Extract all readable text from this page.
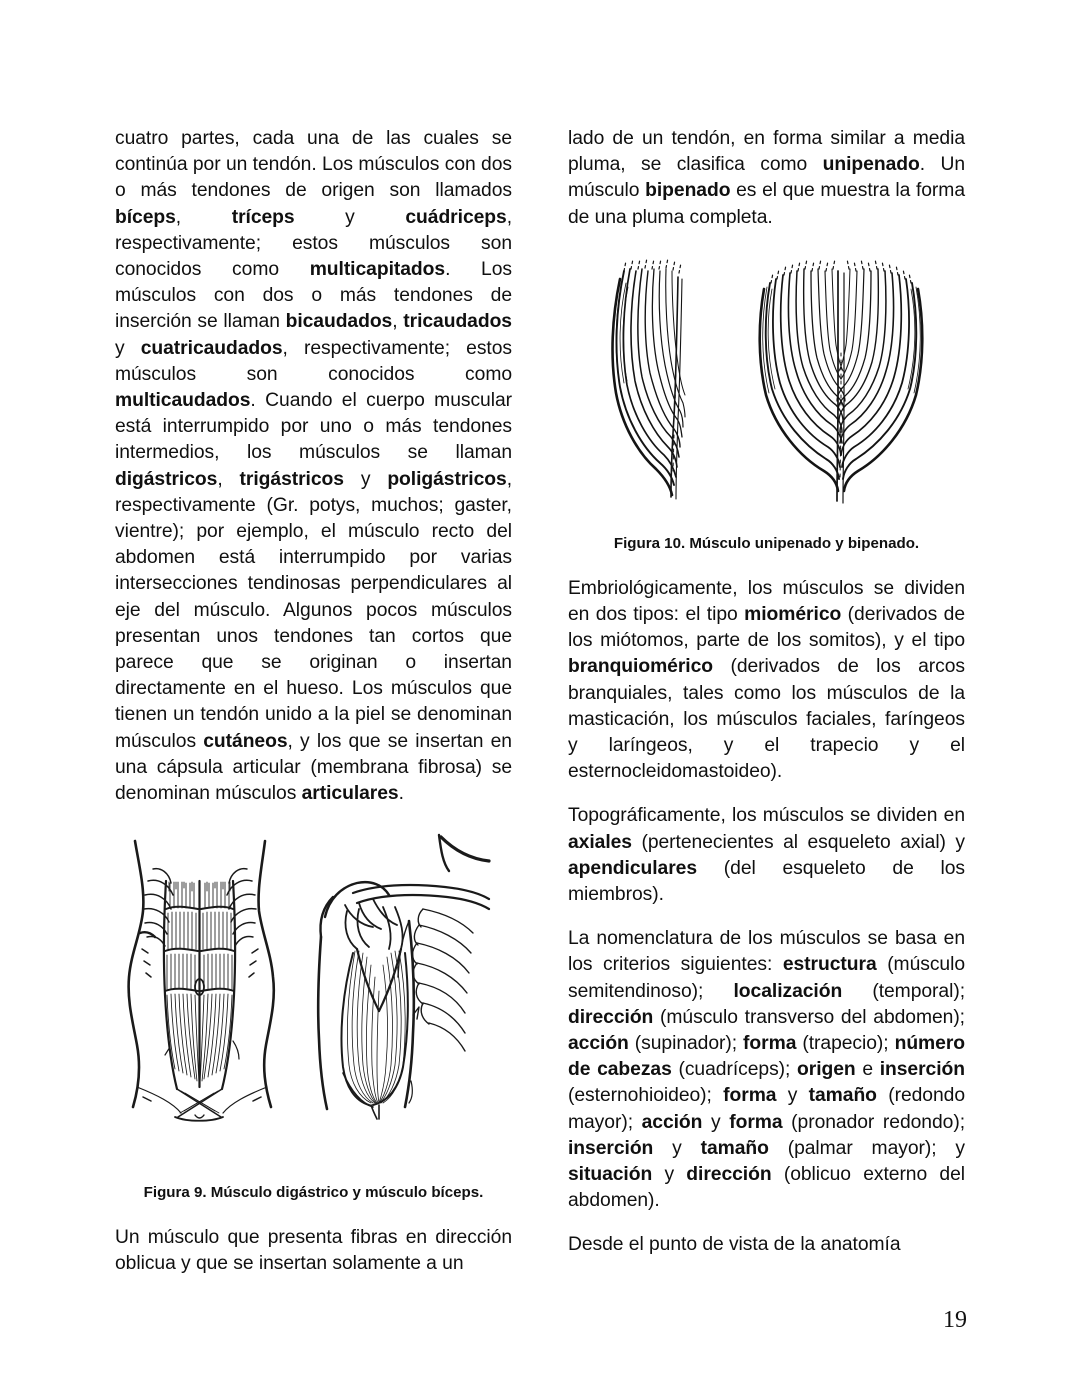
cuatro partes, cada una de las cuales se continúa por un tendón. Los músculos con dos o más tendones de origen son llamados bíceps, tríceps y cuádriceps, respectivamente; estos músculos son conocidos como multicapitados. Los músculos con dos o más tendones de inserción se llaman bicaudados, tricaudados y cuatricaudados, respectivamente; estos músculos son conocidos como multicaudados. Cuando el cuerpo muscular está interrumpido por uno o más tendones intermedios, los músculos se llaman digástricos, trigástricos y poligástricos, respectivamente (Gr. potys, muchos; gaster, vientre); por ejemplo, el músculo recto del abdomen está interrumpido por varias intersecciones tendinosas perpendiculares al eje del músculo. Algunos pocos músculos presentan unos tendones tan cortos que parece que se originan o insertan directamente en el hueso. Los músculos que tienen un tendón unido a la piel se denominan músculos cutáneos, y los que se insertan en una cápsula articular (membrana fibrosa) se denominan músculos articulares.

Figura 9. Músculo digástrico y músculo bíceps.

Un músculo que presenta fibras en dirección oblicua y que se insertan solamente a un

lado de un tendón, en forma similar a media pluma, se clasifica como unipenado. Un músculo bipenado es el que muestra la forma de una pluma completa.

Figura 10. Músculo unipenado y bipenado.

Embriológicamente, los músculos se dividen en dos tipos: el tipo miomérico (derivados de los miótomos, parte de los somitos), y el tipo branquiomérico (derivados de los arcos branquiales, tales como los músculos de la masticación, los músculos faciales, faríngeos y laríngeos, y el trapecio y el esternocleidomastoideo).

Topográficamente, los músculos se dividen en axiales (pertenecientes al esqueleto axial) y apendiculares (del esqueleto de los miembros).

La nomenclatura de los músculos se basa en los criterios siguientes: estructura (músculo semitendinoso); localización (temporal); dirección (músculo transverso del abdomen); acción (supinador); forma (trapecio); número de cabezas (cuadríceps); origen e inserción (esternohioideo); forma y tamaño (redondo mayor); acción y forma (pronador redondo); inserción y tamaño (palmar mayor); y situación y dirección (oblicuo externo del abdomen).

Desde el punto de vista de la anatomía

19
